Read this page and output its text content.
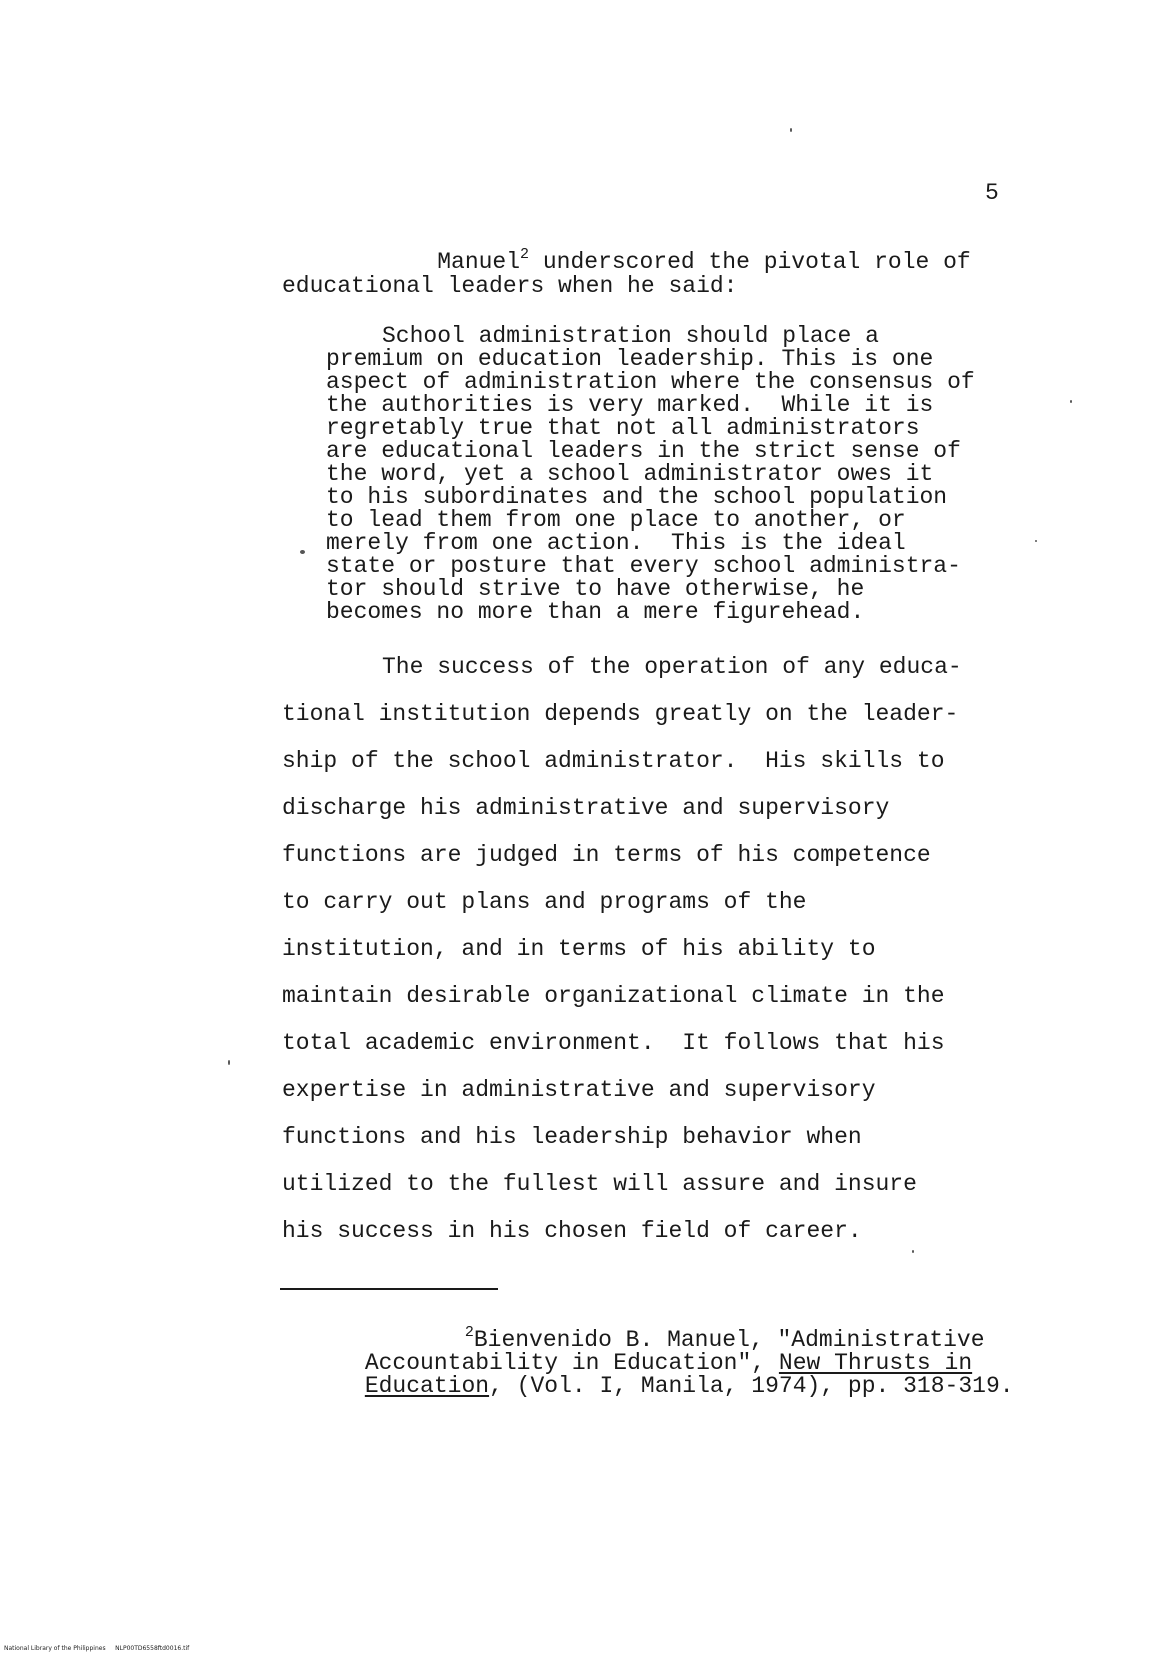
5

Manuel$^2$ underscored the pivotal role of

educational leaders when he said:
School administration should place a
premium on education leadership. This is one
aspect of administration where the consensus of
the authorities is very marked.  While it is
regretably true that not all administrators
are educational leaders in the strict sense of
the word, yet a school administrator owes it
to his subordinates and the school population
to lead them from one place to another, or
merely from one action.  This is the ideal
state or posture that every school administra-
tor should strive to have otherwise, he
becomes no more than a mere figurehead.
The success of the operation of any educa-
tional institution depends greatly on the leader-
ship of the school administrator.  His skills to
discharge his administrative and supervisory
functions are judged in terms of his competence
to carry out plans and programs of the
institution, and in terms of his ability to
maintain desirable organizational climate in the
total academic environment.  It follows that his
expertise in administrative and supervisory
functions and his leadership behavior when
utilized to the fullest will assure and insure
his success in his chosen field of career.

$^2$Bienvenido B. Manuel, "Administrative

Accountability in Education", New Thrusts in

Education, (Vol. I, Manila, 1974), pp. 318-319.

National Library of the Philippines NLP00TD6558ftd0016.tif
